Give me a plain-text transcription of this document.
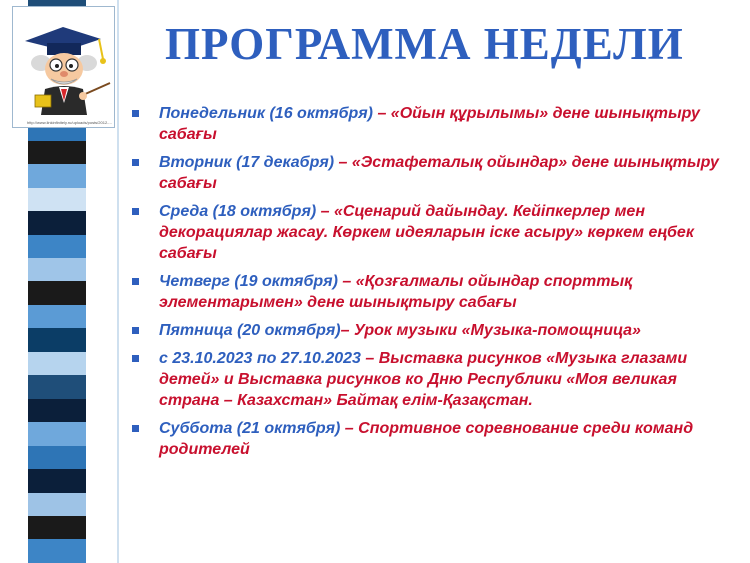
http://www.linkinfinitely.ru/uploads/posts/2012-...
ПРОГРАММА НЕДЕЛИ
Понедельник (16 октября) – «Ойын құрылымы» дене шынықтыру сабағы
Вторник (17 декабря) – «Эстафеталық ойындар» дене шынықтыру сабағы
Среда (18 октября) – «Сценарий дайындау. Кейіпкерлер мен декорациялар жасау. Көркем идеяларын іске асыру» көркем еңбек сабағы
Четверг (19 октября) – «Қозғалмалы ойындар спорттық элементарымен» дене шынықтыру сабағы
Пятница (20 октября)– Урок музыки «Музыка-помощница»
с 23.10.2023 по 27.10.2023 – Выставка рисунков «Музыка глазами детей» и Выставка рисунков ко Дню Республики «Моя великая страна – Казахстан» Байтақ елім-Қазақстан.
Суббота (21 октября) – Спортивное соревнование среди команд родителей
